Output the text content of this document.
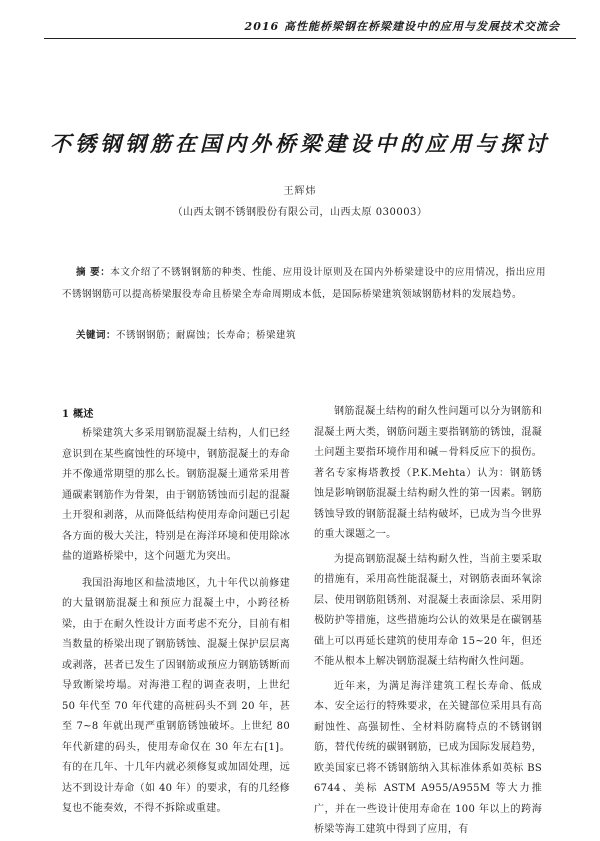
2016 高性能桥梁钢在桥梁建设中的应用与发展技术交流会
不锈钢钢筋在国内外桥梁建设中的应用与探讨
王辉炜
（山西太钢不锈钢股份有限公司，山西太原 030003）
摘 要：本文介绍了不锈钢钢筋的种类、性能、应用设计原则及在国内外桥梁建设中的应用情况，指出应用不锈钢钢筋可以提高桥梁服役寿命且桥梁全寿命周期成本低，是国际桥梁建筑领域钢筋材料的发展趋势。
关键词：不锈钢钢筋；耐腐蚀；长寿命；桥梁建筑

1 概述

桥梁建筑大多采用钢筋混凝土结构，人们已经意识到在某些腐蚀性的环境中，钢筋混凝土的寿命并不像通常期望的那么长。钢筋混凝土通常采用普通碳素钢筋作为骨架，由于钢筋锈蚀而引起的混凝土开裂和剥落，从而降低结构使用寿命问题已引起各方面的极大关注，特别是在海洋环境和使用除冰盐的道路桥梁中，这个问题尤为突出。

我国沿海地区和盐渍地区，九十年代以前修建的大量钢筋混凝土和预应力混凝土中，小跨径桥梁，由于在耐久性设计方面考虑不充分，目前有相当数量的桥梁出现了钢筋锈蚀、混凝土保护层层离或剥落，甚者已发生了因钢筋或预应力钢筋锈断而导致断梁垮塌。对海港工程的调查表明，上世纪 50 年代至 70 年代建的高桩码头不到 20 年，甚至 7~8 年就出现严重钢筋锈蚀破坏。上世纪 80 年代新建的码头，使用寿命仅在 30 年左右[1]。有的在几年、十几年内就必须修复或加固处理，远达不到设计寿命（如 40 年）的要求，有的几经修复也不能奏效，不得不拆除或重建。

钢筋混凝土结构的耐久性问题可以分为钢筋和混凝土两大类，钢筋问题主要指钢筋的锈蚀，混凝土问题主要指环境作用和碱－骨料反应下的损伤。著名专家梅塔教授（P.K.Mehta）认为：钢筋锈蚀是影响钢筋混凝土结构耐久性的第一因素。钢筋锈蚀导致的钢筋混凝土结构破坏，已成为当今世界的重大课题之一。

为提高钢筋混凝土结构耐久性，当前主要采取的措施有，采用高性能混凝土，对钢筋表面环氧涂层、使用钢筋阻锈剂、对混凝土表面涂层、采用阴极防护等措施，这些措施均公认的效果是在碳钢基础上可以再延长建筑的使用寿命 15~20 年，但还不能从根本上解决钢筋混凝土结构耐久性问题。

近年来，为满足海洋建筑工程长寿命、低成本、安全运行的特殊要求，在关键部位采用具有高耐蚀性、高强韧性、全材料防腐特点的不锈钢钢筋，替代传统的碳钢钢筋，已成为国际发展趋势，欧美国家已将不锈钢筋纳入其标准体系如英标 BS 6744、美标 ASTM A955/A955M 等大力推广，并在一些设计使用寿命在 100 年以上的跨海桥梁等海工建筑中得到了应用，有
